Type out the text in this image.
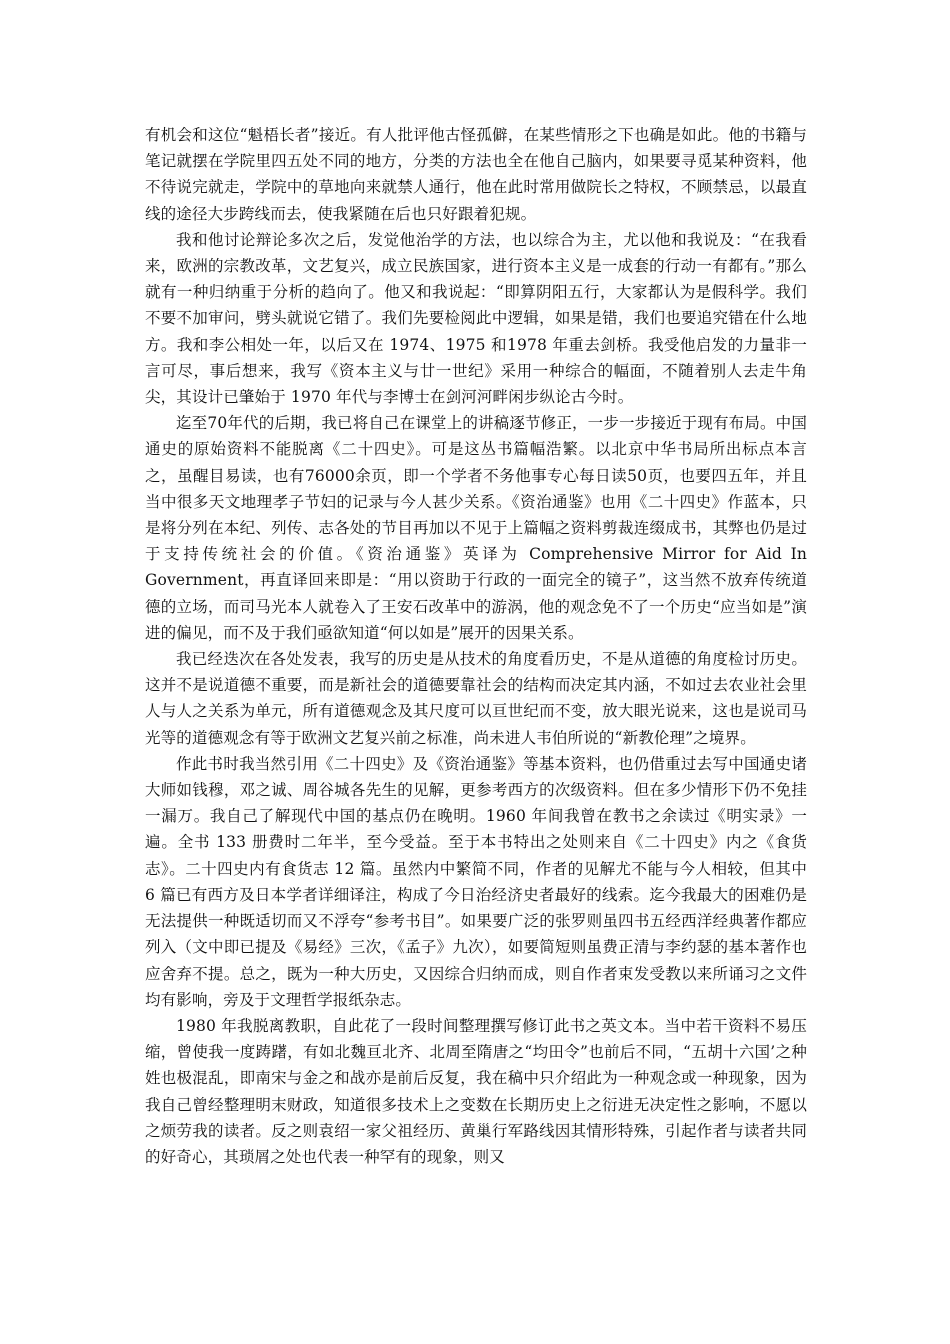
有机会和这位“魁梧长者”接近。有人批评他古怪孤僻，在某些情形之下也确是如此。他的书籍与笔记就摆在学院里四五处不同的地方，分类的方法也全在他自己脑内，如果要寻觅某种资料，他不待说完就走，学院中的草地向来就禁人通行，他在此时常用做院长之特权，不顾禁忌，以最直线的途径大步跨线而去，使我紧随在后也只好跟着犯规。

我和他讨论辩论多次之后，发觉他治学的方法，也以综合为主，尤以他和我说及：“在我看来，欧洲的宗教改革，文艺复兴，成立民族国家，进行资本主义是一成套的行动一有都有。”那么就有一种归纳重于分析的趋向了。他又和我说起：“即算阴阳五行，大家都认为是假科学。我们不要不加审问，劈头就说它错了。我们先要检阅此中逻辑，如果是错，我们也要追究错在什么地方。我和李公相处一年，以后又在 1974、1975 和1978 年重去剑桥。我受他启发的力量非一言可尽，事后想来，我写《资本主义与廿一世纪》采用一种综合的幅面，不随着别人去走牛角尖，其设计已肇始于 1970 年代与李博士在剑河河畔闲步纵论古今时。

迄至70年代的后期，我已将自己在课堂上的讲稿逐节修正，一步一步接近于现有布局。中国通史的原始资料不能脱离《二十四史》。可是这丛书篇幅浩繁。以北京中华书局所出标点本言之，虽醒目易读，也有76000余页，即一个学者不务他事专心每日读50页，也要四五年，并且当中很多天文地理孝子节妇的记录与今人甚少关系。《资治通鉴》也用《二十四史》作蓝本，只是将分列在本纪、列传、志各处的节目再加以不见于上篇幅之资料剪裁连缀成书，其弊也仍是过于支持传统社会的价值。《资治通鉴》英译为 Comprehensive Mirror for Aid In Government，再直译回来即是：“用以资助于行政的一面完全的镜子”，这当然不放弃传统道德的立场，而司马光本人就卷入了王安石改革中的游涡，他的观念免不了一个历史“应当如是”演进的偏见，而不及于我们亟欲知道“何以如是”展开的因果关系。

我已经迭次在各处发表，我写的历史是从技术的角度看历史，不是从道德的角度检讨历史。这并不是说道德不重要，而是新社会的道德要靠社会的结构而决定其内涵，不如过去农业社会里人与人之关系为单元，所有道德观念及其尺度可以亘世纪而不变，放大眼光说来，这也是说司马光等的道德观念有等于欧洲文艺复兴前之标准，尚未进人韦伯所说的“新教伦理”之境界。

作此书时我当然引用《二十四史》及《资治通鉴》等基本资料，也仍借重过去写中国通史诸大师如钱穆，邓之诚、周谷城各先生的见解，更参考西方的次级资料。但在多少情形下仍不免挂一漏万。我自己了解现代中国的基点仍在晚明。1960 年间我曾在教书之余读过《明实录》一遍。全书 133 册费时二年半，至今受益。至于本书特出之处则来自《二十四史》内之《食货志》。二十四史内有食货志 12 篇。虽然内中繁简不同，作者的见解尤不能与今人相较，但其中 6 篇已有西方及日本学者详细译注，构成了今日治经济史者最好的线索。迄今我最大的困难仍是无法提供一种既适切而又不浮夸“参考书目”。如果要广泛的张罗则虽四书五经西洋经典著作都应列入（文中即已提及《易经》三次，《孟子》九次），如要简短则虽费正清与李约瑟的基本著作也应舍弃不提。总之，既为一种大历史，又因综合归纳而成，则自作者束发受教以来所诵习之文件均有影响，旁及于文理哲学报纸杂志。

1980 年我脱离教职，自此花了一段时间整理撰写修订此书之英文本。当中若干资料不易压缩，曾使我一度踌躇，有如北魏亘北齐、北周至隋唐之“均田令”也前后不同，“五胡十六国’之种姓也极混乱，即南宋与金之和战亦是前后反复，我在稿中只介绍此为一种观念或一种现象，因为我自己曾经整理明末财政，知道很多技术上之变数在长期历史上之衍进无决定性之影响，不愿以之烦劳我的读者。反之则袁绍一家父祖经历、黄巢行军路线因其情形特殊，引起作者与读者共同的好奇心，其琐屑之处也代表一种罕有的现象，则又
